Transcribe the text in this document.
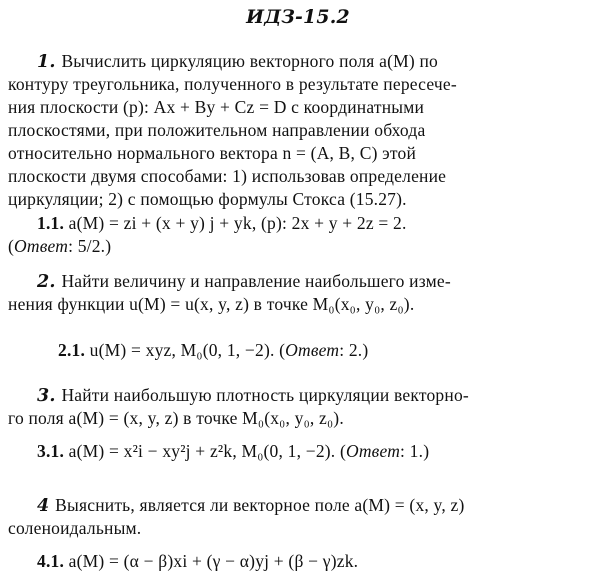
ИДЗ-15.2
1. Вычислить циркуляцию векторного поля a(M) по
контуру треугольника, полученного в результате пересече-
ния плоскости (p): Ax + By + Cz = D с координатными
плоскостями, при положительном направлении обхода
относительно нормального вектора n = (A, B, C) этой
плоскости двумя способами: 1) использовав определение
циркуляции; 2) с помощью формулы Стокса (15.27).
1.1. a(M) = zi + (x + y) j + yk, (p): 2x + y + 2z = 2.
(Ответ: 5/2.)
2. Найти величину и направление наибольшего изме-
нения функции u(M) = u(x, y, z) в точке M₀(x₀, y₀, z₀).
2.1. u(M) = xyz, M₀(0, 1, −2). (Ответ: 2.)
3. Найти наибольшую плотность циркуляции векторно-
го поля a(M) = (x, y, z) в точке M₀(x₀, y₀, z₀).
3.1. a(M) = x²i − xy²j + z²k, M₀(0, 1, −2). (Ответ: 1.)
4 Выяснить, является ли векторное поле a(M) = (x, y, z)
соленоидальным.
4.1. a(M) = (α − β)xi + (γ − α)yj + (β − γ)zk.
